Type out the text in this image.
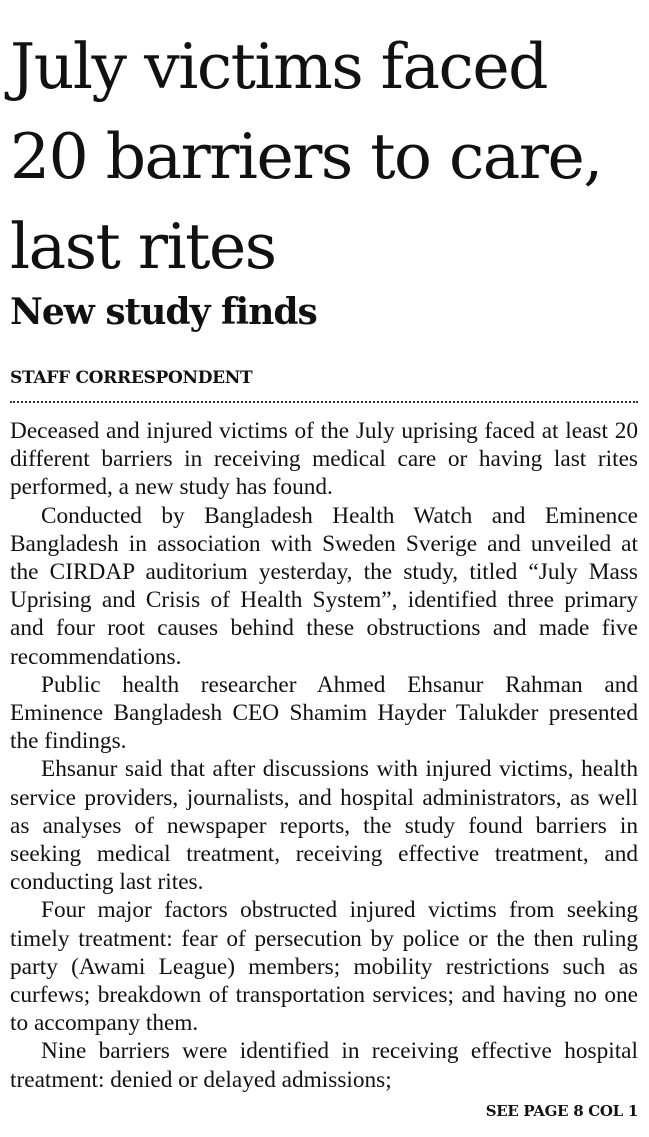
July victims faced 20 barriers to care, last rites
New study finds
STAFF CORRESPONDENT

Deceased and injured victims of the July uprising faced at least 20 different barriers in receiving medical care or having last rites performed, a new study has found.

Conducted by Bangladesh Health Watch and Eminence Bangladesh in association with Sweden Sverige and unveiled at the CIRDAP auditorium yesterday, the study, titled “July Mass Uprising and Crisis of Health System”, identified three primary and four root causes behind these obstructions and made five recommendations.

Public health researcher Ahmed Ehsanur Rahman and Eminence Bangladesh CEO Shamim Hayder Talukder presented the findings.

Ehsanur said that after discussions with injured victims, health service providers, journalists, and hospital administrators, as well as analyses of newspaper reports, the study found barriers in seeking medical treatment, receiving effective treatment, and conducting last rites.

Four major factors obstructed injured victims from seeking timely treatment: fear of persecution by police or the then ruling party (Awami League) members; mobility restrictions such as curfews; breakdown of transportation services; and having no one to accompany them.

Nine barriers were identified in receiving effective hospital treatment: denied or delayed admissions;

SEE PAGE 8 COL 1
